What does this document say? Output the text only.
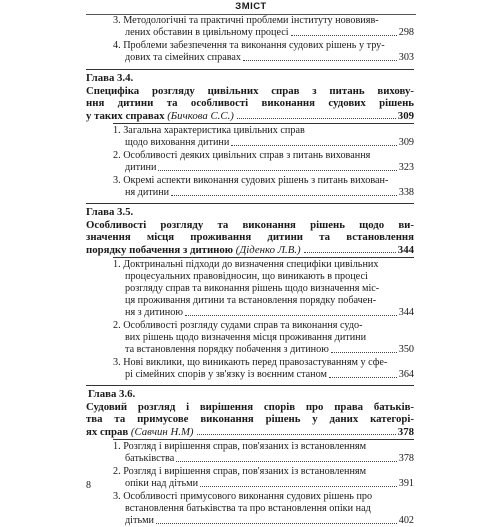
ЗМІСТ
3. Методологічні та практичні проблеми інституту нововияв-
лених обставин в цивільному процесі	298
4. Проблеми забезпечення та виконання судових рішень у тру-
дових та сімейних справах	303
Глава 3.4.
Специфіка розгляду цивільних справ з питань вихову-
ння дитини та особливості виконання судових рішень
у таких справах (Бичкова С.С.)	309
1. Загальна характеристика цивільних справ
щодо виховання дитини	309
2. Особливості деяких цивільних справ з питань виховання
дитини	323
3. Окремі аспекти виконання судових рішень з питань вихован-
ня дитини	338
Глава 3.5.
Особливості розгляду та виконання рішень щодо ви-
значення місця проживання дитини та встановлення
порядку побачення з дитиною (Діденко Л.В.)	344
1. Доктринальні підходи до визначення специфіки цивільних
процесуальних правовідносин, що виникають в процесі
розгляду справ та виконання рішень щодо визначення міс-
ця проживання дитини та встановлення порядку побачен-
ня з дитиною	344
2. Особливості розгляду судами справ та виконання судо-
вих рішень щодо визначення місця проживання дитини
та встановлення порядку побачення з дитиною	350
3. Нові виклики, що виникають перед правозастуванням у сфе-
рі сімейних спорів у зв'язку із воєнним станом	364
Глава 3.6.
Судовий розгляд і вирішення спорів про права батьків-
тва та примусове виконання рішень у даних категорі-
ях справ (Савчин Н.М)	378
1. Розгляд і вирішення справ, пов'язаних із встановленням
батьківства	378
2. Розгляд і вирішення справ, пов'язаних із встановленням
опіки над дітьми	391
3. Особливості примусового виконання судових рішень про
встановлення батьківства та про встановлення опіки над
дітьми	402
8
